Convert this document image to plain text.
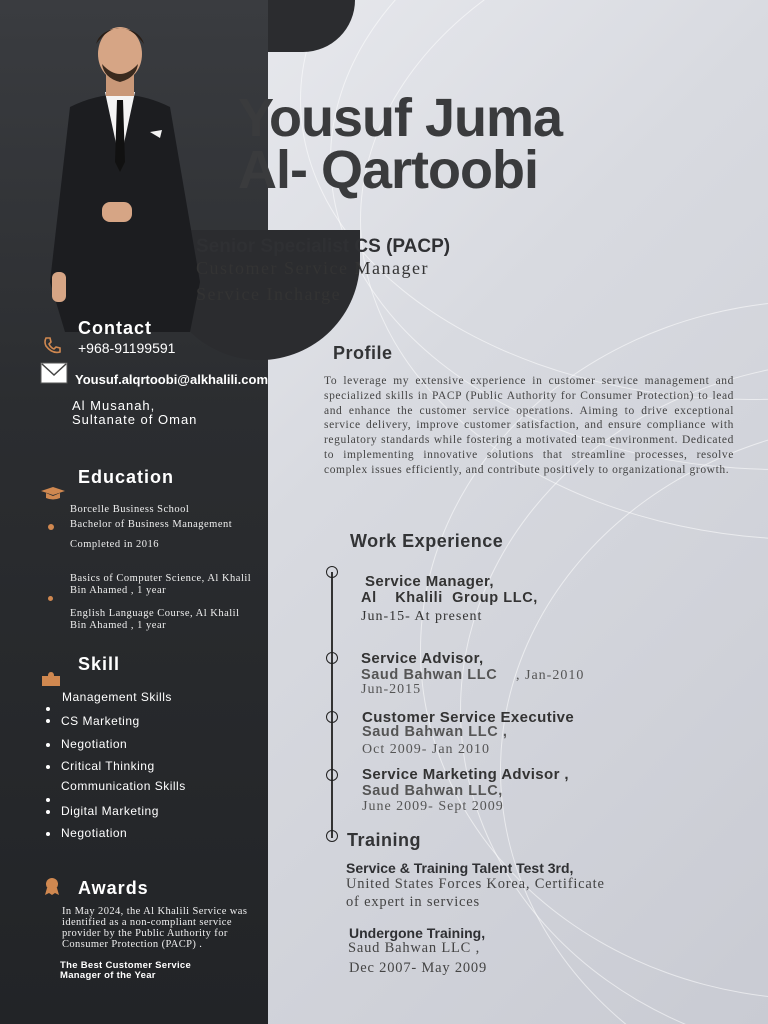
Yousuf Juma
Al- Qartoobi
Senior Specialist CS (PACP)
Customer Service Manager
Service Incharge
Contact
+968-91199591
Yousuf.alqrtoobi@alkhalili.com
Al Musanah,
Sultanate of Oman
Education
Borcelle Business School
Bachelor of Business Management
Completed in 2016
Basics of Computer Science, Al Khalil
Bin Ahamed , 1 year
English Language Course, Al Khalil
Bin Ahamed , 1 year
Skill
Management Skills
CS Marketing
Negotiation
Critical Thinking
Communication Skills
Digital Marketing
Negotiation
Awards
In May 2024, the Al Khalili Service was identified as a non-compliant service provider by the Public Authority for Consumer Protection (PACP) .
The Best Customer Service
Manager of the Year
Profile
To leverage my extensive experience in customer service management and specialized skills in PACP (Public Authority for Consumer Protection) to lead and enhance the customer service operations. Aiming to drive exceptional service delivery, improve customer satisfaction, and ensure compliance with regulatory standards while fostering a motivated team environment. Dedicated to implementing innovative solutions that streamline processes, resolve complex issues efficiently, and contribute positively to organizational growth.
Work Experience
Service Manager,
Al    Khalili  Group LLC,
Jun-15- At present
Service Advisor,
Saud Bahwan LLC , Jan-2010
Jun-2015
Customer Service Executive
Saud Bahwan LLC ,
Oct 2009- Jan 2010
Service Marketing Advisor ,
Saud Bahwan LLC,
June 2009- Sept 2009
Training
Service & Training Talent Test 3rd,
United States Forces Korea, Certificate
of expert in services
Undergone Training,
Saud Bahwan LLC ,
Dec 2007- May 2009
